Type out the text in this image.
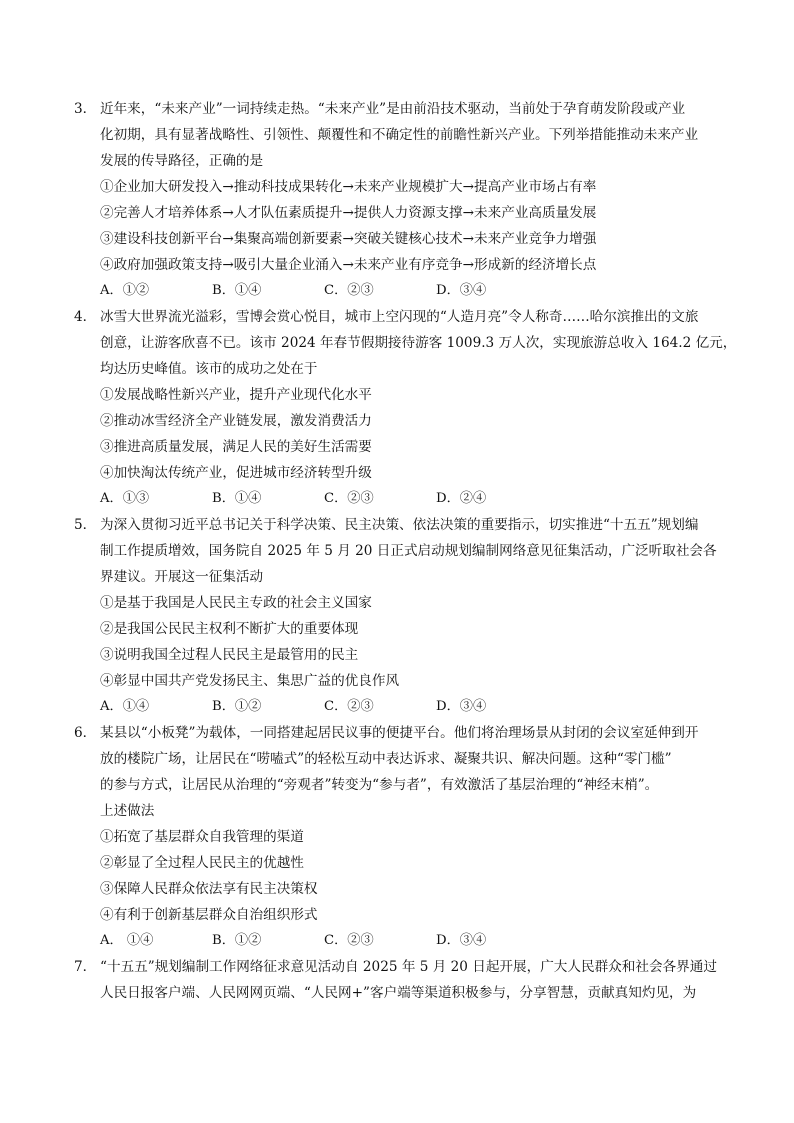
3． 近年来，“未来产业”一词持续走热。“未来产业”是由前沿技术驱动，当前处于孕育萌发阶段或产业
化初期，具有显著战略性、引领性、颠覆性和不确定性的前瞻性新兴产业。下列举措能推动未来产业
发展的传导路径，正确的是
①企业加大研发投入→推动科技成果转化→未来产业规模扩大→提高产业市场占有率
②完善人才培养体系→人才队伍素质提升→提供人力资源支撑→未来产业高质量发展
③建设科技创新平台→集聚高端创新要素→突破关键核心技术→未来产业竞争力增强
④政府加强政策支持→吸引大量企业涌入→未来产业有序竞争→形成新的经济增长点
A．①②	B．①④	C．②③	D．③④
4． 冰雪大世界流光溢彩，雪博会赏心悦目，城市上空闪现的“人造月亮”令人称奇……哈尔滨推出的文旅
创意，让游客欣喜不已。该市 2024 年春节假期接待游客 1009.3 万人次，实现旅游总收入 164.2 亿元，
均达历史峰值。该市的成功之处在于
①发展战略性新兴产业，提升产业现代化水平
②推动冰雪经济全产业链发展，激发消费活力
③推进高质量发展，满足人民的美好生活需要
④加快淘汰传统产业，促进城市经济转型升级
A．①③	B．①④	C．②③	D．②④
5． 为深入贯彻习近平总书记关于科学决策、民主决策、依法决策的重要指示，切实推进“十五五”规划编
制工作提质增效，国务院自 2025 年 5 月 20 日正式启动规划编制网络意见征集活动，广泛听取社会各
界建议。开展这一征集活动
①是基于我国是人民民主专政的社会主义国家
②是我国公民民主权利不断扩大的重要体现
③说明我国全过程人民民主是最管用的民主
④彰显中国共产党发扬民主、集思广益的优良作风
A．①④	B．①②	C．②③	D．③④
6． 某县以“小板凳”为载体，一同搭建起居民议事的便捷平台。他们将治理场景从封闭的会议室延伸到开
放的楼院广场，让居民在“唠嗑式”的轻松互动中表达诉求、凝聚共识、解决问题。这种“零门槛”
的参与方式，让居民从治理的“旁观者”转变为“参与者”，有效激活了基层治理的“神经末梢”。
上述做法
①拓宽了基层群众自我管理的渠道
②彰显了全过程人民民主的优越性
③保障人民群众依法享有民主决策权
④有利于创新基层群众自治组织形式
A． ①④	B．①②	C．②③	D．③④
7． “十五五”规划编制工作网络征求意见活动自 2025 年 5 月 20 日起开展，广大人民群众和社会各界通过
人民日报客户端、人民网网页端、“人民网+”客户端等渠道积极参与，分享智慧，贡献真知灼见，为
